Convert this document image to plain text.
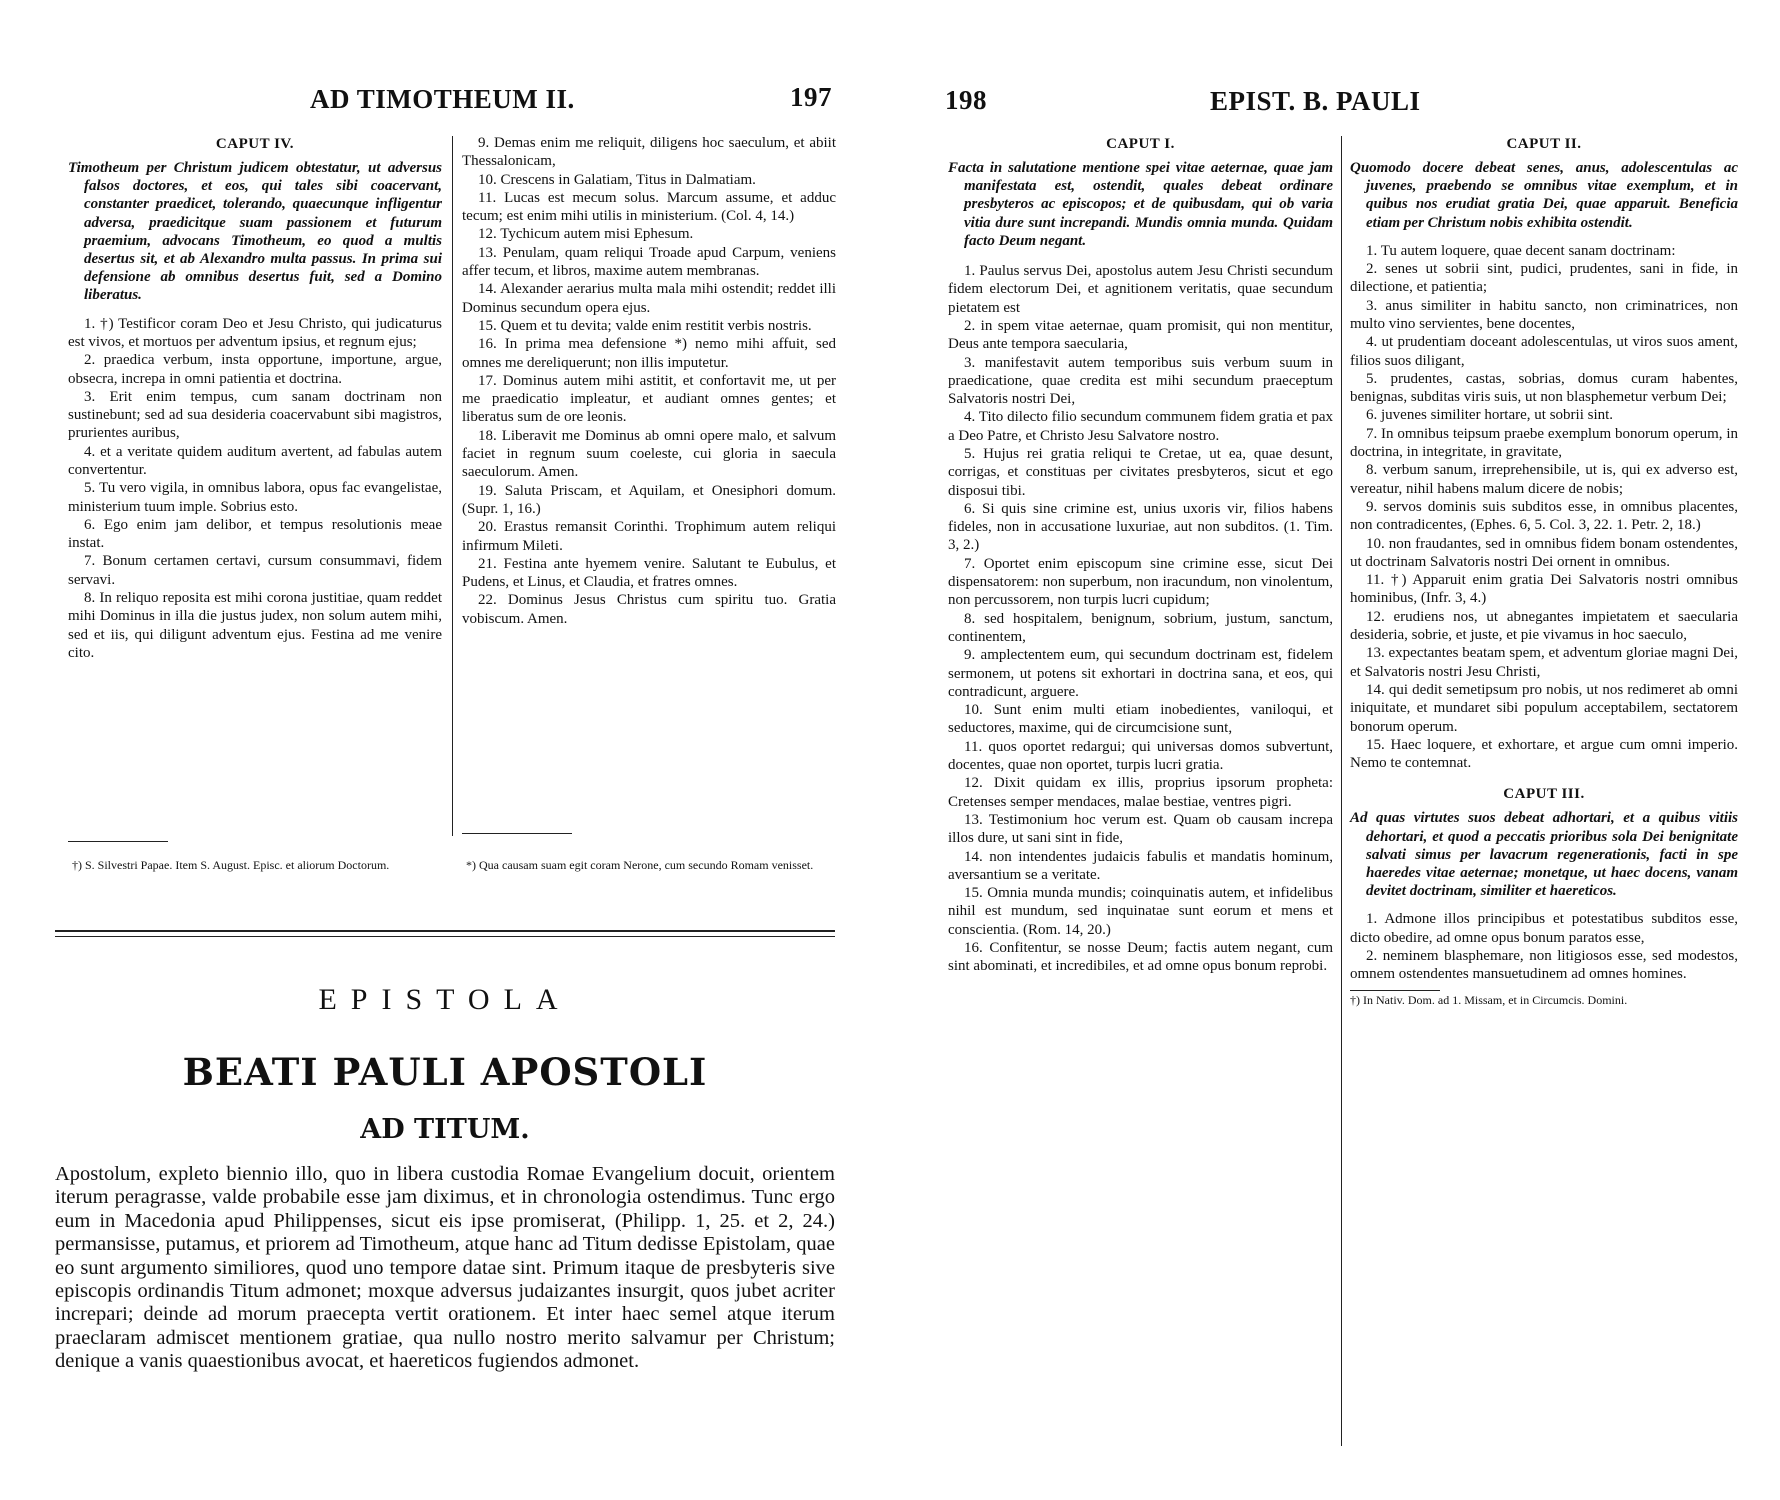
AD TIMOTHEUM II.	197
CAPUT IV.
Timotheum per Christum judicem obtestatur, ut adversus falsos doctores, et eos, qui tales sibi coacervant, constanter praedicet, tolerando, quaecunque infligentur adversa, praedicitque suam passionem et futurum praemium, advocans Timotheum, eo quod a multis desertus sit, et ab Alexandro multa passus. In prima sui defensione ab omnibus desertus fuit, sed a Domino liberatus.

1. †) Testificor coram Deo et Jesu Christo, qui judicaturus est vivos, et mortuos per adventum ipsius, et regnum ejus;

2. praedica verbum, insta opportune, importune, argue, obsecra, increpa in omni patientia et doctrina.

3. Erit enim tempus, cum sanam doctrinam non sustinebunt; sed ad sua desideria coacervabunt sibi magistros, prurientes auribus,

4. et a veritate quidem auditum avertent, ad fabulas autem convertentur.

5. Tu vero vigila, in omnibus labora, opus fac evangelistae, ministerium tuum imple. Sobrius esto.

6. Ego enim jam delibor, et tempus resolutionis meae instat.

7. Bonum certamen certavi, cursum consummavi, fidem servavi.

8. In reliquo reposita est mihi corona justitiae, quam reddet mihi Dominus in illa die justus judex, non solum autem mihi, sed et iis, qui diligunt adventum ejus. Festina ad me venire cito.

9. Demas enim me reliquit, diligens hoc saeculum, et abiit Thessalonicam,

10. Crescens in Galatiam, Titus in Dalmatiam.

11. Lucas est mecum solus. Marcum assume, et adduc tecum; est enim mihi utilis in ministerium. (Col. 4, 14.)

12. Tychicum autem misi Ephesum.

13. Penulam, quam reliqui Troade apud Carpum, veniens affer tecum, et libros, maxime autem membranas.

14. Alexander aerarius multa mala mihi ostendit; reddet illi Dominus secundum opera ejus.

15. Quem et tu devita; valde enim restitit verbis nostris.

16. In prima mea defensione *) nemo mihi affuit, sed omnes me dereliquerunt; non illis imputetur.

17. Dominus autem mihi astitit, et confortavit me, ut per me praedicatio impleatur, et audiant omnes gentes; et liberatus sum de ore leonis.

18. Liberavit me Dominus ab omni opere malo, et salvum faciet in regnum suum coeleste, cui gloria in saecula saeculorum. Amen.

19. Saluta Priscam, et Aquilam, et Onesiphori domum. (Supr. 1, 16.)

20. Erastus remansit Corinthi. Trophimum autem reliqui infirmum Mileti.

21. Festina ante hyemem venire. Salutant te Eubulus, et Pudens, et Linus, et Claudia, et fratres omnes.

22. Dominus Jesus Christus cum spiritu tuo. Gratia vobiscum. Amen.

†) S. Silvestri Papae. Item S. August. Episc. et aliorum Doctorum.	*) Qua causam suam egit coram Nerone, cum secundo Romam venisset.
EPISTOLA
BEATI PAULI APOSTOLI
AD TITUM.

Apostolum, expleto biennio illo, quo in libera custodia Romae Evangelium docuit, orientem iterum peragrasse, valde probabile esse jam diximus, et in chronologia ostendimus. Tunc ergo eum in Macedonia apud Philippenses, sicut eis ipse promiserat, (Philipp. 1, 25. et 2, 24.) permansisse, putamus, et priorem ad Timotheum, atque hanc ad Titum dedisse Epistolam, quae eo sunt argumento similiores, quod uno tempore datae sint. Primum itaque de presbyteris sive episcopis ordinandis Titum admonet; moxque adversus judaizantes insurgit, quos jubet acriter increpari; deinde ad morum praecepta vertit orationem. Et inter haec semel atque iterum praeclaram admiscet mentionem gratiae, qua nullo nostro merito salvamur per Christum; denique a vanis quaestionibus avocat, et haereticos fugiendos admonet.

198	EPIST. B. PAULI
CAPUT I.
Facta in salutatione mentione spei vitae aeternae, quae jam manifestata est, ostendit, quales debeat ordinare presbyteros ac episcopos; et de quibusdam, qui ob varia vitia dure sunt increpandi. Mundis omnia munda. Quidam facto Deum negant.

1. Paulus servus Dei, apostolus autem Jesu Christi secundum fidem electorum Dei, et agnitionem veritatis, quae secundum pietatem est

2. in spem vitae aeternae, quam promisit, qui non mentitur, Deus ante tempora saecularia,

3. manifestavit autem temporibus suis verbum suum in praedicatione, quae credita est mihi secundum praeceptum Salvatoris nostri Dei,

4. Tito dilecto filio secundum communem fidem gratia et pax a Deo Patre, et Christo Jesu Salvatore nostro.

5. Hujus rei gratia reliqui te Cretae, ut ea, quae desunt, corrigas, et constituas per civitates presbyteros, sicut et ego disposui tibi.

6. Si quis sine crimine est, unius uxoris vir, filios habens fideles, non in accusatione luxuriae, aut non subditos. (1. Tim. 3, 2.)

7. Oportet enim episcopum sine crimine esse, sicut Dei dispensatorem: non superbum, non iracundum, non vinolentum, non percussorem, non turpis lucri cupidum;

8. sed hospitalem, benignum, sobrium, justum, sanctum, continentem,

9. amplectentem eum, qui secundum doctrinam est, fidelem sermonem, ut potens sit exhortari in doctrina sana, et eos, qui contradicunt, arguere.

10. Sunt enim multi etiam inobedientes, vaniloqui, et seductores, maxime, qui de circumcisione sunt,

11. quos oportet redargui; qui universas domos subvertunt, docentes, quae non oportet, turpis lucri gratia.

12. Dixit quidam ex illis, proprius ipsorum propheta: Cretenses semper mendaces, malae bestiae, ventres pigri.

13. Testimonium hoc verum est. Quam ob causam increpa illos dure, ut sani sint in fide,

14. non intendentes judaicis fabulis et mandatis hominum, aversantium se a veritate.

15. Omnia munda mundis; coinquinatis autem, et infidelibus nihil est mundum, sed inquinatae sunt eorum et mens et conscientia. (Rom. 14, 20.)

16. Confitentur, se nosse Deum; factis autem negant, cum sint abominati, et incredibiles, et ad omne opus bonum reprobi.

CAPUT II.
Quomodo docere debeat senes, anus, adolescentulas ac juvenes, praebendo se omnibus vitae exemplum, et in quibus nos erudiat gratia Dei, quae apparuit. Beneficia etiam per Christum nobis exhibita ostendit.

1. Tu autem loquere, quae decent sanam doctrinam:

2. senes ut sobrii sint, pudici, prudentes, sani in fide, in dilectione, et patientia;

3. anus similiter in habitu sancto, non criminatrices, non multo vino servientes, bene docentes,

4. ut prudentiam doceant adolescentulas, ut viros suos ament, filios suos diligant,

5. prudentes, castas, sobrias, domus curam habentes, benignas, subditas viris suis, ut non blasphemetur verbum Dei;

6. juvenes similiter hortare, ut sobrii sint.

7. In omnibus teipsum praebe exemplum bonorum operum, in doctrina, in integritate, in gravitate,

8. verbum sanum, irreprehensibile, ut is, qui ex adverso est, vereatur, nihil habens malum dicere de nobis;

9. servos dominis suis subditos esse, in omnibus placentes, non contradicentes, (Ephes. 6, 5. Col. 3, 22. 1. Petr. 2, 18.)

10. non fraudantes, sed in omnibus fidem bonam ostendentes, ut doctrinam Salvatoris nostri Dei ornent in omnibus.

11. †) Apparuit enim gratia Dei Salvatoris nostri omnibus hominibus, (Infr. 3, 4.)

12. erudiens nos, ut abnegantes impietatem et saecularia desideria, sobrie, et juste, et pie vivamus in hoc saeculo,

13. expectantes beatam spem, et adventum gloriae magni Dei, et Salvatoris nostri Jesu Christi,

14. qui dedit semetipsum pro nobis, ut nos redimeret ab omni iniquitate, et mundaret sibi populum acceptabilem, sectatorem bonorum operum.

15. Haec loquere, et exhortare, et argue cum omni imperio. Nemo te contemnat.

CAPUT III.
Ad quas virtutes suos debeat adhortari, et a quibus vitiis dehortari, et quod a peccatis prioribus sola Dei benignitate salvati simus per lavacrum regenerationis, facti in spe haeredes vitae aeternae; monetque, ut haec docens, vanam devitet doctrinam, similiter et haereticos.

1. Admone illos principibus et potestatibus subditos esse, dicto obedire, ad omne opus bonum paratos esse,

2. neminem blasphemare, non litigiosos esse, sed modestos, omnem ostendentes mansuetudinem ad omnes homines.

†) In Nativ. Dom. ad 1. Missam, et in Circumcis. Domini.
